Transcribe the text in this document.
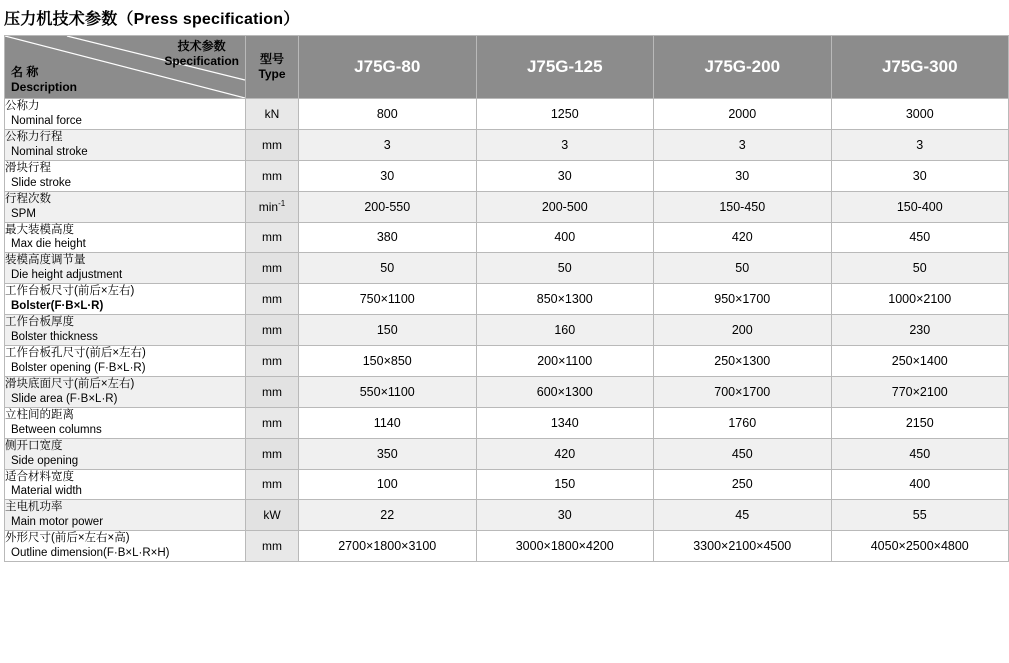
压力机技术参数（Press specification）
技术参数
Specification
名 称
Description

型号
Type	J75G-80	J75G-125	J75G-200	J75G-300

公称力
Nominal force	kN	800	1250	2000	3000

公称力行程
Nominal stroke	mm	3	3	3	3

滑块行程
Slide stroke	mm	30	30	30	30

行程次数
SPM	$\min^{-1}$	200-550	200-500	150-450	150-400

最大装模高度
Max die height	mm	380	400	420	450

装模高度调节量
Die height adjustment	mm	50	50	50	50

工作台板尺寸(前后×左右)
Bolster(F·B×L·R)	mm	750×1100	850×1300	950×1700	1000×2100

工作台板厚度
Bolster thickness	mm	150	160	200	230

工作台板孔尺寸(前后×左右)
Bolster opening (F·B×L·R)	mm	150×850	200×1100	250×1300	250×1400

滑块底面尺寸(前后×左右)
Slide area (F·B×L·R)	mm	550×1100	600×1300	700×1700	770×2100

立柱间的距离
Between columns	mm	1140	1340	1760	2150

侧开口宽度
Side opening	mm	350	420	450	450

适合材料宽度
Material width	mm	100	150	250	400

主电机功率
Main motor power	kW	22	30	45	55

外形尺寸(前后×左右×高)
Outline dimension(F·B×L·R×H)	mm	2700×1800×3100	3000×1800×4200	3300×2100×4500	4050×2500×4800
